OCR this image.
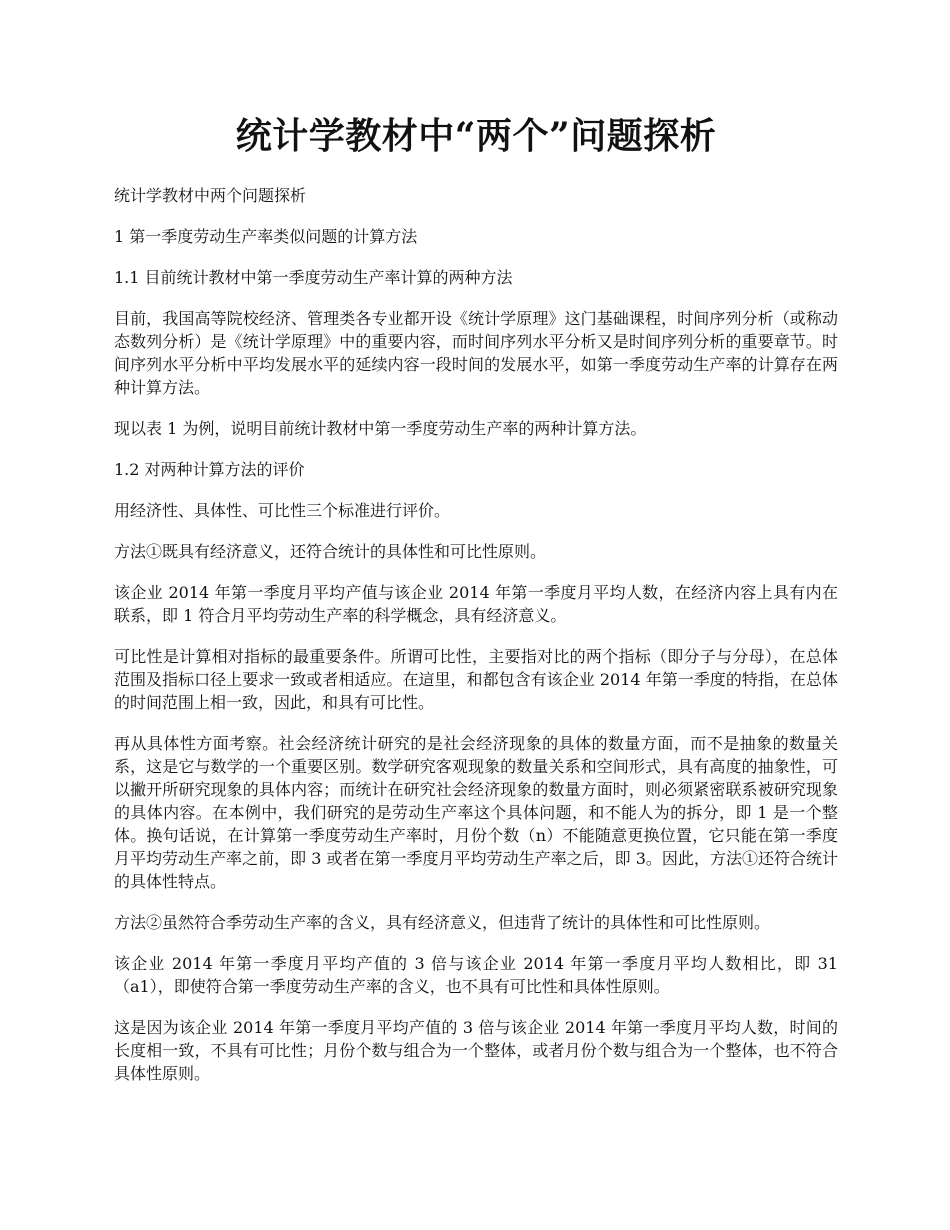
统计学教材中“两个”问题探析

统计学教材中两个问题探析

1 第一季度劳动生产率类似问题的计算方法

1.1 目前统计教材中第一季度劳动生产率计算的两种方法

目前，我国高等院校经济、管理类各专业都开设《统计学原理》这门基础课程，时间序列分析（或称动态数列分析）是《统计学原理》中的重要内容，而时间序列水平分析又是时间序列分析的重要章节。时间序列水平分析中平均发展水平的延续内容一段时间的发展水平，如第一季度劳动生产率的计算存在两种计算方法。

现以表 1 为例，说明目前统计教材中第一季度劳动生产率的两种计算方法。

1.2 对两种计算方法的评价

用经济性、具体性、可比性三个标准进行评价。

方法①既具有经济意义，还符合统计的具体性和可比性原则。

该企业 2014 年第一季度月平均产值与该企业 2014 年第一季度月平均人数，在经济内容上具有内在联系，即 1 符合月平均劳动生产率的科学概念，具有经济意义。

可比性是计算相对指标的最重要条件。所谓可比性，主要指对比的两个指标（即分子与分母），在总体范围及指标口径上要求一致或者相适应。在這里，和都包含有该企业 2014 年第一季度的特指，在总体的时间范围上相一致，因此，和具有可比性。

再从具体性方面考察。社会经济统计研究的是社会经济现象的具体的数量方面，而不是抽象的数量关系，这是它与数学的一个重要区别。数学研究客观现象的数量关系和空间形式，具有高度的抽象性，可以撇开所研究现象的具体内容；而统计在研究社会经济现象的数量方面时，则必须紧密联系被研究现象的具体内容。在本例中，我们研究的是劳动生产率这个具体问题，和不能人为的拆分，即 1 是一个整体。换句话说，在计算第一季度劳动生产率时，月份个数（n）不能随意更换位置，它只能在第一季度月平均劳动生产率之前，即 3 或者在第一季度月平均劳动生产率之后，即 3。因此，方法①还符合统计的具体性特点。

方法②虽然符合季劳动生产率的含义，具有经济意义，但违背了统计的具体性和可比性原则。

该企业 2014 年第一季度月平均产值的 3 倍与该企业 2014 年第一季度月平均人数相比，即 31（a1），即使符合第一季度劳动生产率的含义，也不具有可比性和具体性原则。

这是因为该企业 2014 年第一季度月平均产值的 3 倍与该企业 2014 年第一季度月平均人数，时间的长度相一致，不具有可比性；月份个数与组合为一个整体，或者月份个数与组合为一个整体，也不符合具体性原则。
